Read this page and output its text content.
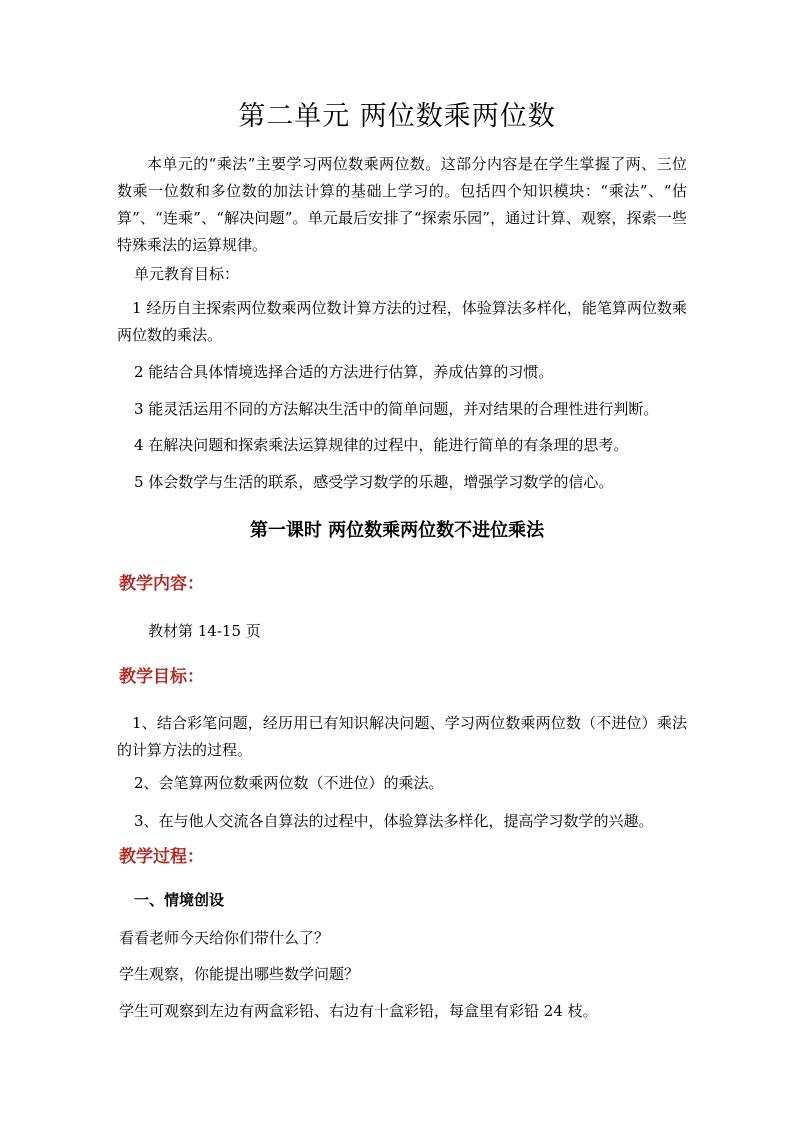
第二单元 两位数乘两位数
本单元的“乘法”主要学习两位数乘两位数。这部分内容是在学生掌握了两、三位数乘一位数和多位数的加法计算的基础上学习的。包括四个知识模块：“乘法”、“估算”、“连乘”、“解决问题”。单元最后安排了“探索乐园”，通过计算、观察，探索一些特殊乘法的运算规律。
单元教育目标：
1 经历自主探索两位数乘两位数计算方法的过程，体验算法多样化，能笔算两位数乘两位数的乘法。
2 能结合具体情境选择合适的方法进行估算，养成估算的习惯。
3 能灵活运用不同的方法解决生活中的简单问题，并对结果的合理性进行判断。
4 在解决问题和探索乘法运算规律的过程中，能进行简单的有条理的思考。
5 体会数学与生活的联系，感受学习数学的乐趣，增强学习数学的信心。
第一课时 两位数乘两位数不进位乘法
教学内容：
教材第 14-15 页
教学目标：
1、结合彩笔问题，经历用已有知识解决问题、学习两位数乘两位数（不进位）乘法的计算方法的过程。
2、会笔算两位数乘两位数（不进位）的乘法。
3、在与他人交流各自算法的过程中，体验算法多样化，提高学习数学的兴趣。
教学过程：
一、情境创设
看看老师今天给你们带什么了？
学生观察，你能提出哪些数学问题？
学生可观察到左边有两盒彩铅、右边有十盒彩铅，每盒里有彩铅 24 枝。
